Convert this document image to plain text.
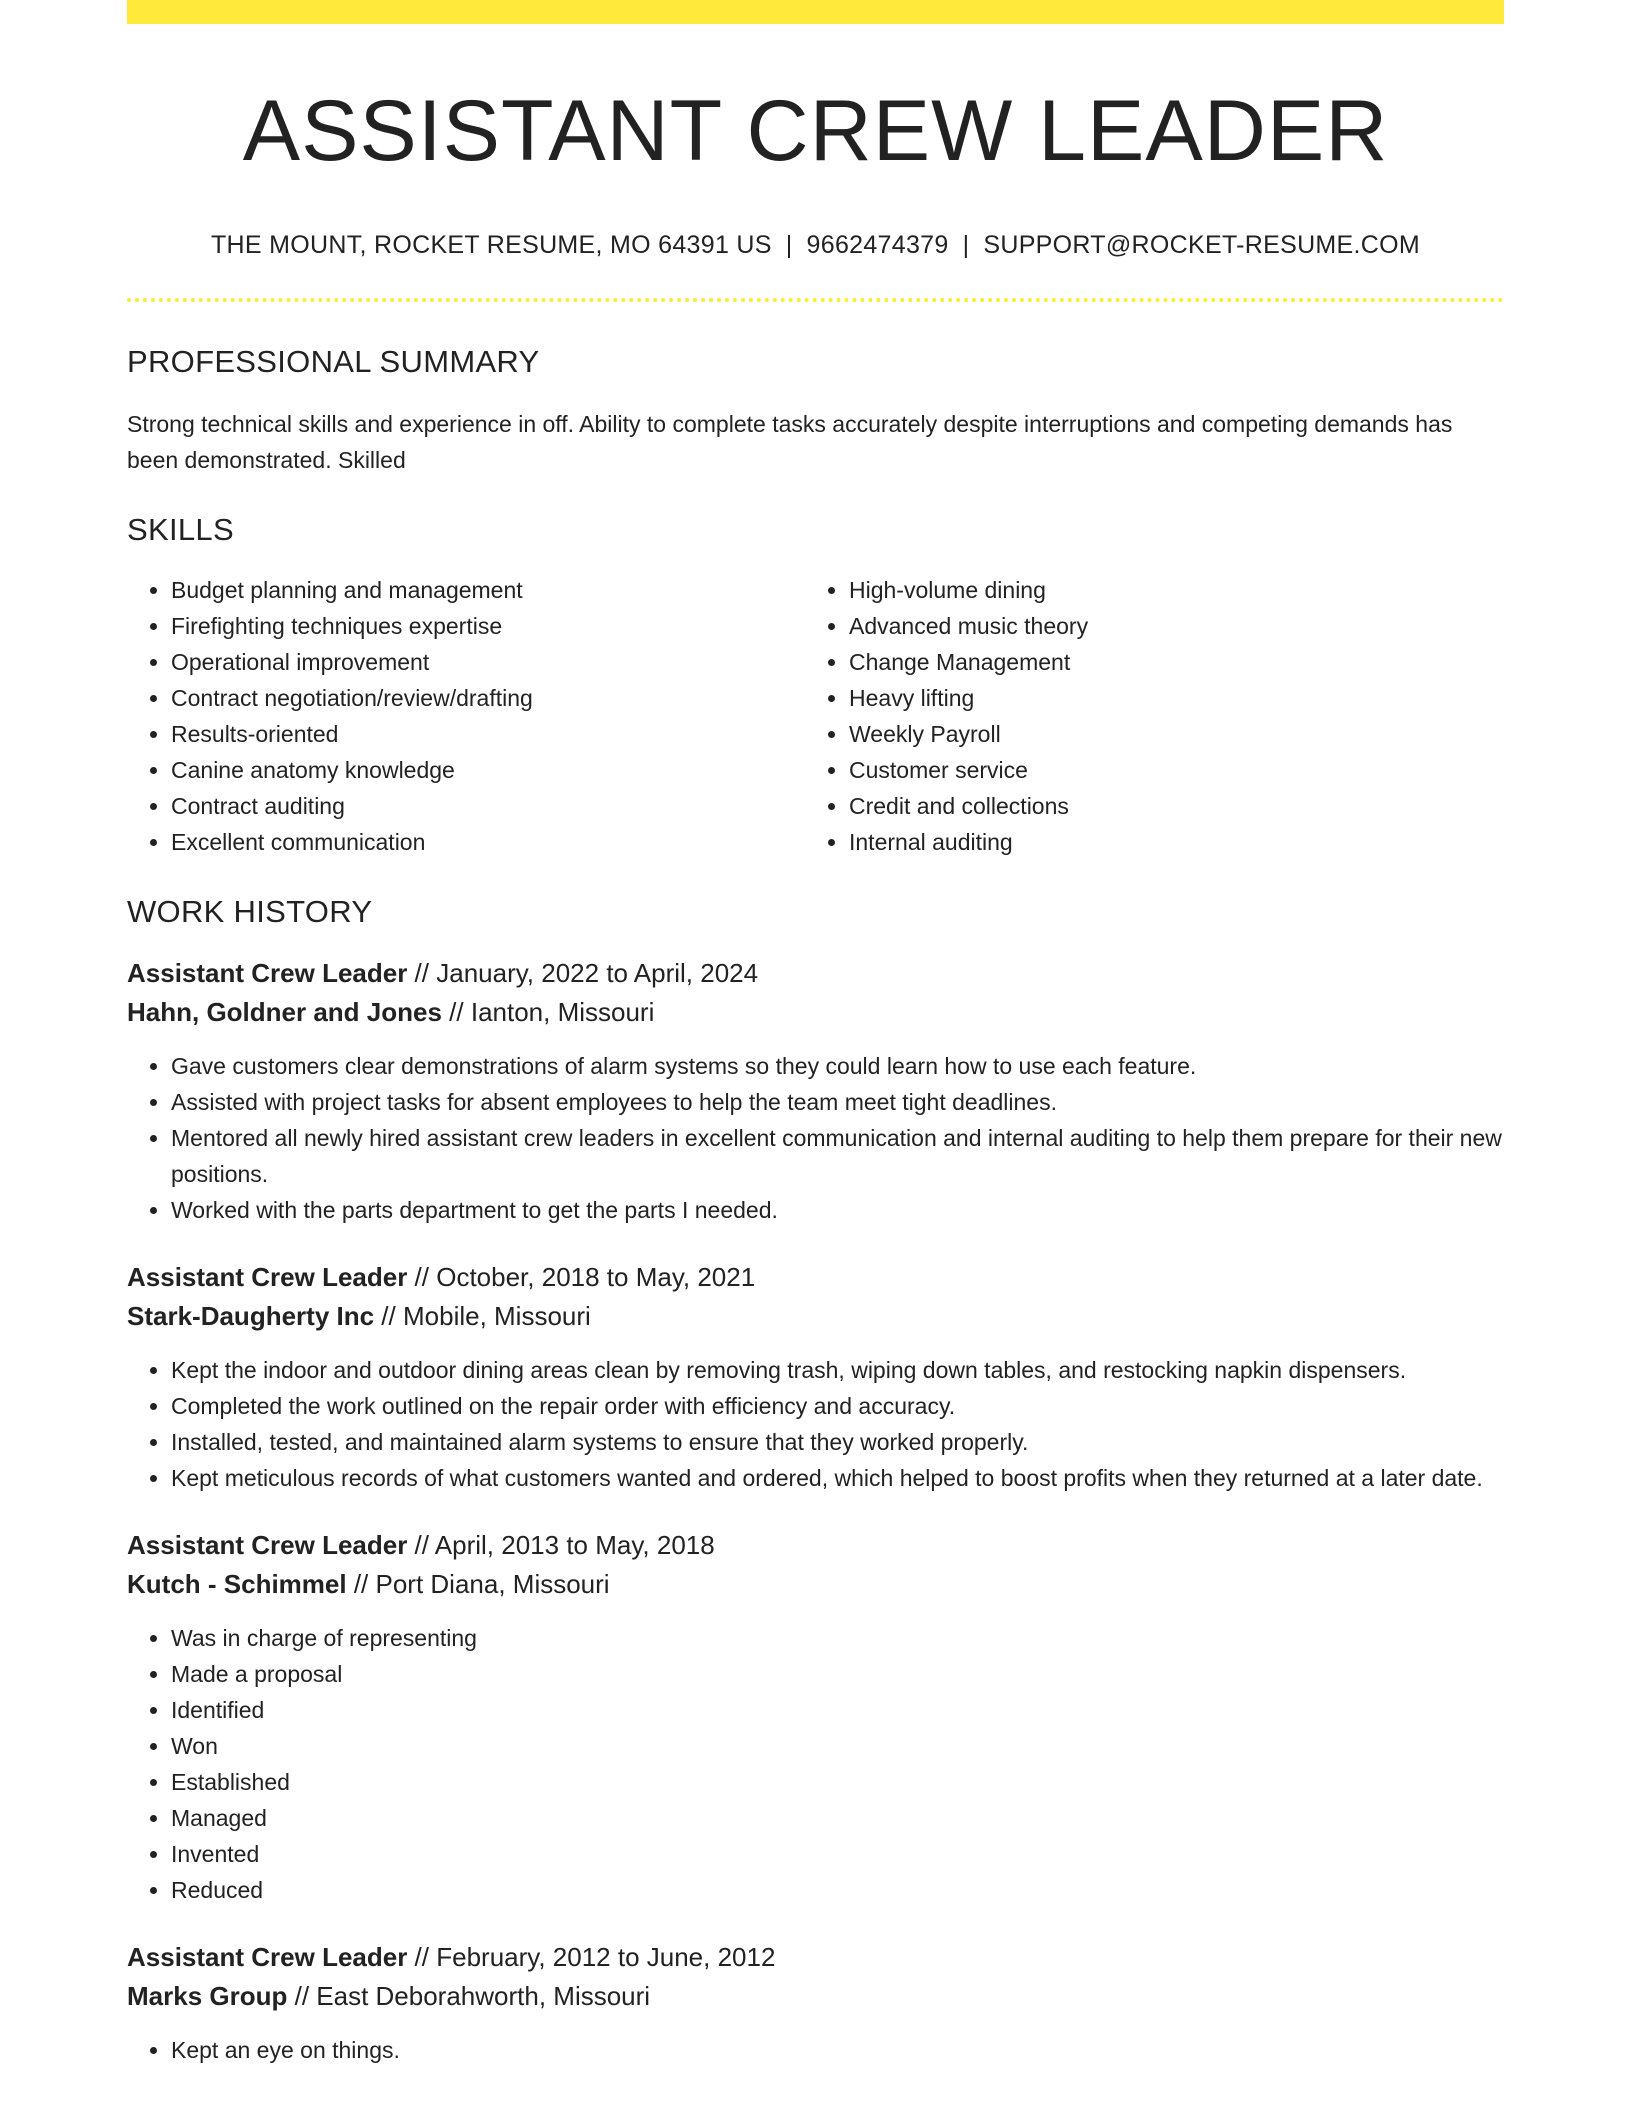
ASSISTANT CREW LEADER
THE MOUNT, ROCKET RESUME, MO 64391 US | 9662474379 | SUPPORT@ROCKET-RESUME.COM
PROFESSIONAL SUMMARY
Strong technical skills and experience in off. Ability to complete tasks accurately despite interruptions and competing demands has been demonstrated. Skilled
SKILLS
• Budget planning and management
• Firefighting techniques expertise
• Operational improvement
• Contract negotiation/review/drafting
• Results-oriented
• Canine anatomy knowledge
• Contract auditing
• Excellent communication
• High-volume dining
• Advanced music theory
• Change Management
• Heavy lifting
• Weekly Payroll
• Customer service
• Credit and collections
• Internal auditing
WORK HISTORY
Assistant Crew Leader // January, 2022 to April, 2024
Hahn, Goldner and Jones // Ianton, Missouri
• Gave customers clear demonstrations of alarm systems so they could learn how to use each feature.
• Assisted with project tasks for absent employees to help the team meet tight deadlines.
• Mentored all newly hired assistant crew leaders in excellent communication and internal auditing to help them prepare for their new positions.
• Worked with the parts department to get the parts I needed.
Assistant Crew Leader // October, 2018 to May, 2021
Stark-Daugherty Inc // Mobile, Missouri
• Kept the indoor and outdoor dining areas clean by removing trash, wiping down tables, and restocking napkin dispensers.
• Completed the work outlined on the repair order with efficiency and accuracy.
• Installed, tested, and maintained alarm systems to ensure that they worked properly.
• Kept meticulous records of what customers wanted and ordered, which helped to boost profits when they returned at a later date.
Assistant Crew Leader // April, 2013 to May, 2018
Kutch - Schimmel // Port Diana, Missouri
• Was in charge of representing
• Made a proposal
• Identified
• Won
• Established
• Managed
• Invented
• Reduced
Assistant Crew Leader // February, 2012 to June, 2012
Marks Group // East Deborahworth, Missouri
• Kept an eye on things.
